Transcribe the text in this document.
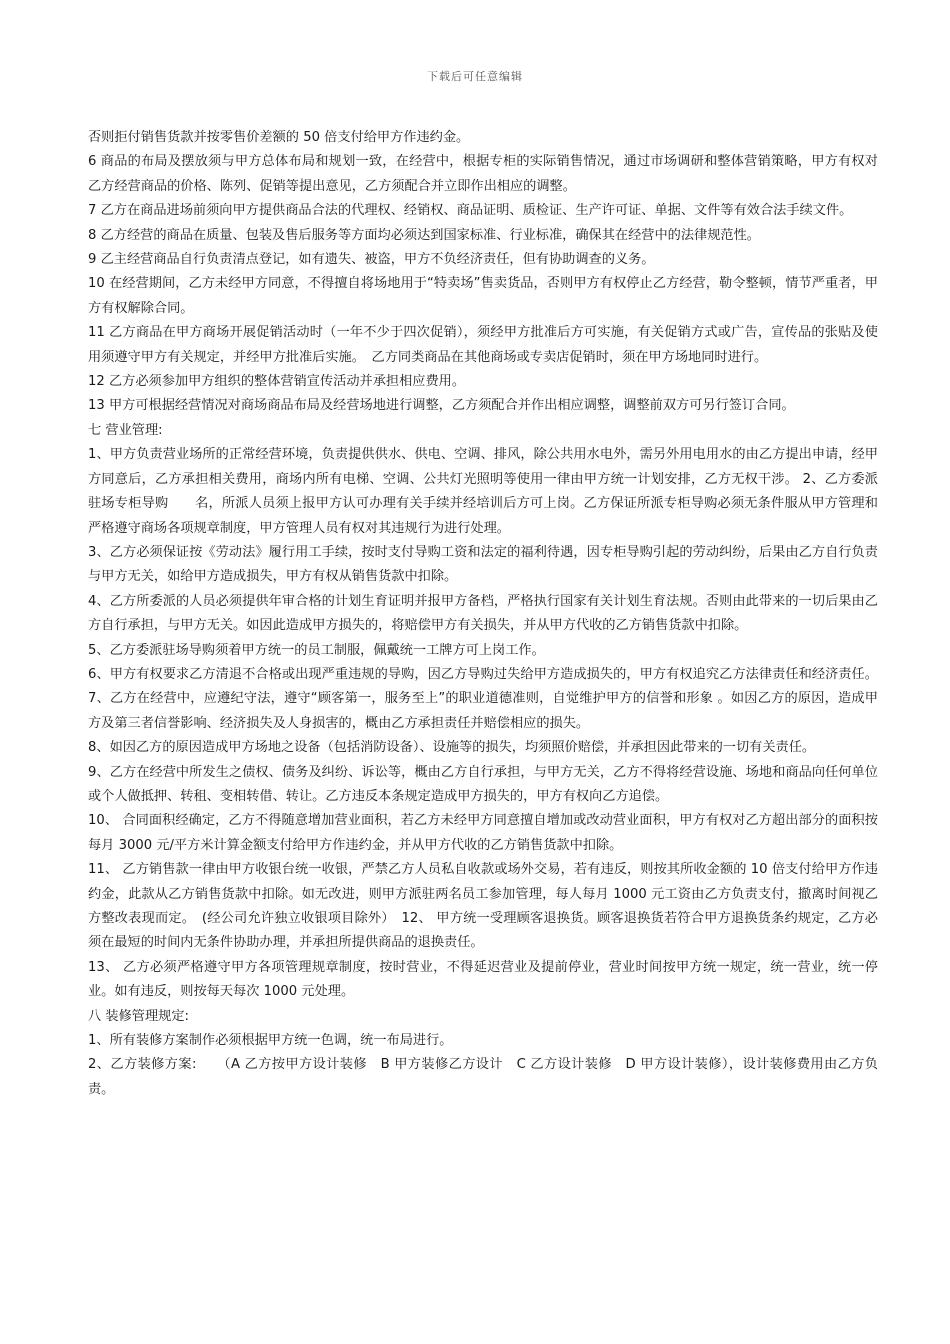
下载后可任意编辑

否则拒付销售货款并按零售价差额的 50 倍支付给甲方作违约金。

6 商品的布局及摆放须与甲方总体布局和规划一致，在经营中，根据专柜的实际销售情况，通过市场调研和整体营销策略，甲方有权对乙方经营商品的价格、陈列、促销等提出意见，乙方须配合并立即作出相应的调整。

7 乙方在商品进场前须向甲方提供商品合法的代理权、经销权、商品证明、质检证、生产许可证、单据、文件等有效合法手续文件。

8 乙方经营的商品在质量、包装及售后服务等方面均必须达到国家标准、行业标准，确保其在经营中的法律规范性。

9 乙主经营商品自行负责清点登记，如有遗失、被盗，甲方不负经济责任，但有协助调查的义务。

10 在经营期间，乙方未经甲方同意，不得擅自将场地用于“特卖场”售卖货品，否则甲方有权停止乙方经营，勒令整顿，情节严重者，甲方有权解除合同。

11 乙方商品在甲方商场开展促销活动时（一年不少于四次促销），须经甲方批准后方可实施，有关促销方式或广告，宣传品的张贴及使用须遵守甲方有关规定，并经甲方批准后实施。　乙方同类商品在其他商场或专卖店促销时，须在甲方场地同时进行。

12 乙方必须参加甲方组织的整体营销宣传活动并承担相应费用。

13 甲方可根据经营情况对商场商品布局及经营场地进行调整，乙方须配合并作出相应调整，调整前双方可另行签订合同。

七 营业管理:

1、甲方负责营业场所的正常经营环境，负责提供供水、供电、空调、排风，除公共用水电外，需另外用电用水的由乙方提出申请，经甲方同意后，乙方承担相关费用，商场内所有电梯、空调、公共灯光照明等使用一律由甲方统一计划安排，乙方无权干涉。 2、乙方委派驻场专柜导购　　名，所派人员须上报甲方认可办理有关手续并经培训后方可上岗。乙方保证所派专柜导购必须无条件服从甲方管理和严格遵守商场各项规章制度，甲方管理人员有权对其违规行为进行处理。

3、乙方必须保证按《劳动法》履行用工手续，按时支付导购工资和法定的福利待遇，因专柜导购引起的劳动纠纷，后果由乙方自行负责与甲方无关，如给甲方造成损失，甲方有权从销售货款中扣除。

4、乙方所委派的人员必须提供年审合格的计划生育证明并报甲方备档，严格执行国家有关计划生育法规。否则由此带来的一切后果由乙方自行承担，与甲方无关。如因此造成甲方损失的，将赔偿甲方有关损失，并从甲方代收的乙方销售货款中扣除。

5、乙方委派驻场导购须着甲方统一的员工制服，佩戴统一工牌方可上岗工作。

6、甲方有权要求乙方清退不合格或出现严重违规的导购，因乙方导购过失给甲方造成损失的，甲方有权追究乙方法律责任和经济责任。 7、乙方在经营中，应遵纪守法，遵守“顾客第一，服务至上”的职业道德准则，自觉维护甲方的信誉和形象 。如因乙方的原因，造成甲方及第三者信誉影响、经济损失及人身损害的，概由乙方承担责任并赔偿相应的损失。

8、如因乙方的原因造成甲方场地之设备（包括消防设备）、设施等的损失，均须照价赔偿，并承担因此带来的一切有关责任。

9、乙方在经营中所发生之债权、债务及纠纷、诉讼等，概由乙方自行承担，与甲方无关，乙方不得将经营设施、场地和商品向任何单位或个人做抵押、转租、变相转借、转让。乙方违反本条规定造成甲方损失的，甲方有权向乙方追偿。

10、 合同面积经确定，乙方不得随意增加营业面积，若乙方未经甲方同意擅自增加或改动营业面积，甲方有权对乙方超出部分的面积按每月 3000 元/平方米计算金额支付给甲方作违约金，并从甲方代收的乙方销售货款中扣除。

11、 乙方销售款一律由甲方收银台统一收银，严禁乙方人员私自收款或场外交易，若有违反，则按其所收金额的 10 倍支付给甲方作违约金，此款从乙方销售货款中扣除。如无改进，则甲方派驻两名员工参加管理，每人每月 1000 元工资由乙方负责支付，撤离时间视乙方整改表现而定。　(经公司允许独立收银项目除外）　12、 甲方统一受理顾客退换货。顾客退换货若符合甲方退换货条约规定，乙方必须在最短的时间内无条件协助办理，并承担所提供商品的退换责任。

13、 乙方必须严格遵守甲方各项管理规章制度，按时营业，不得延迟营业及提前停业，营业时间按甲方统一规定，统一营业，统一停业。如有违反，则按每天每次 1000 元处理。

八 装修管理规定:

1、所有装修方案制作必须根据甲方统一色调，统一布局进行。

2、乙方装修方案:　　（A 乙方按甲方设计装修　B 甲方装修乙方设计　C 乙方设计装修　D 甲方设计装修），设计装修费用由乙方负责。
